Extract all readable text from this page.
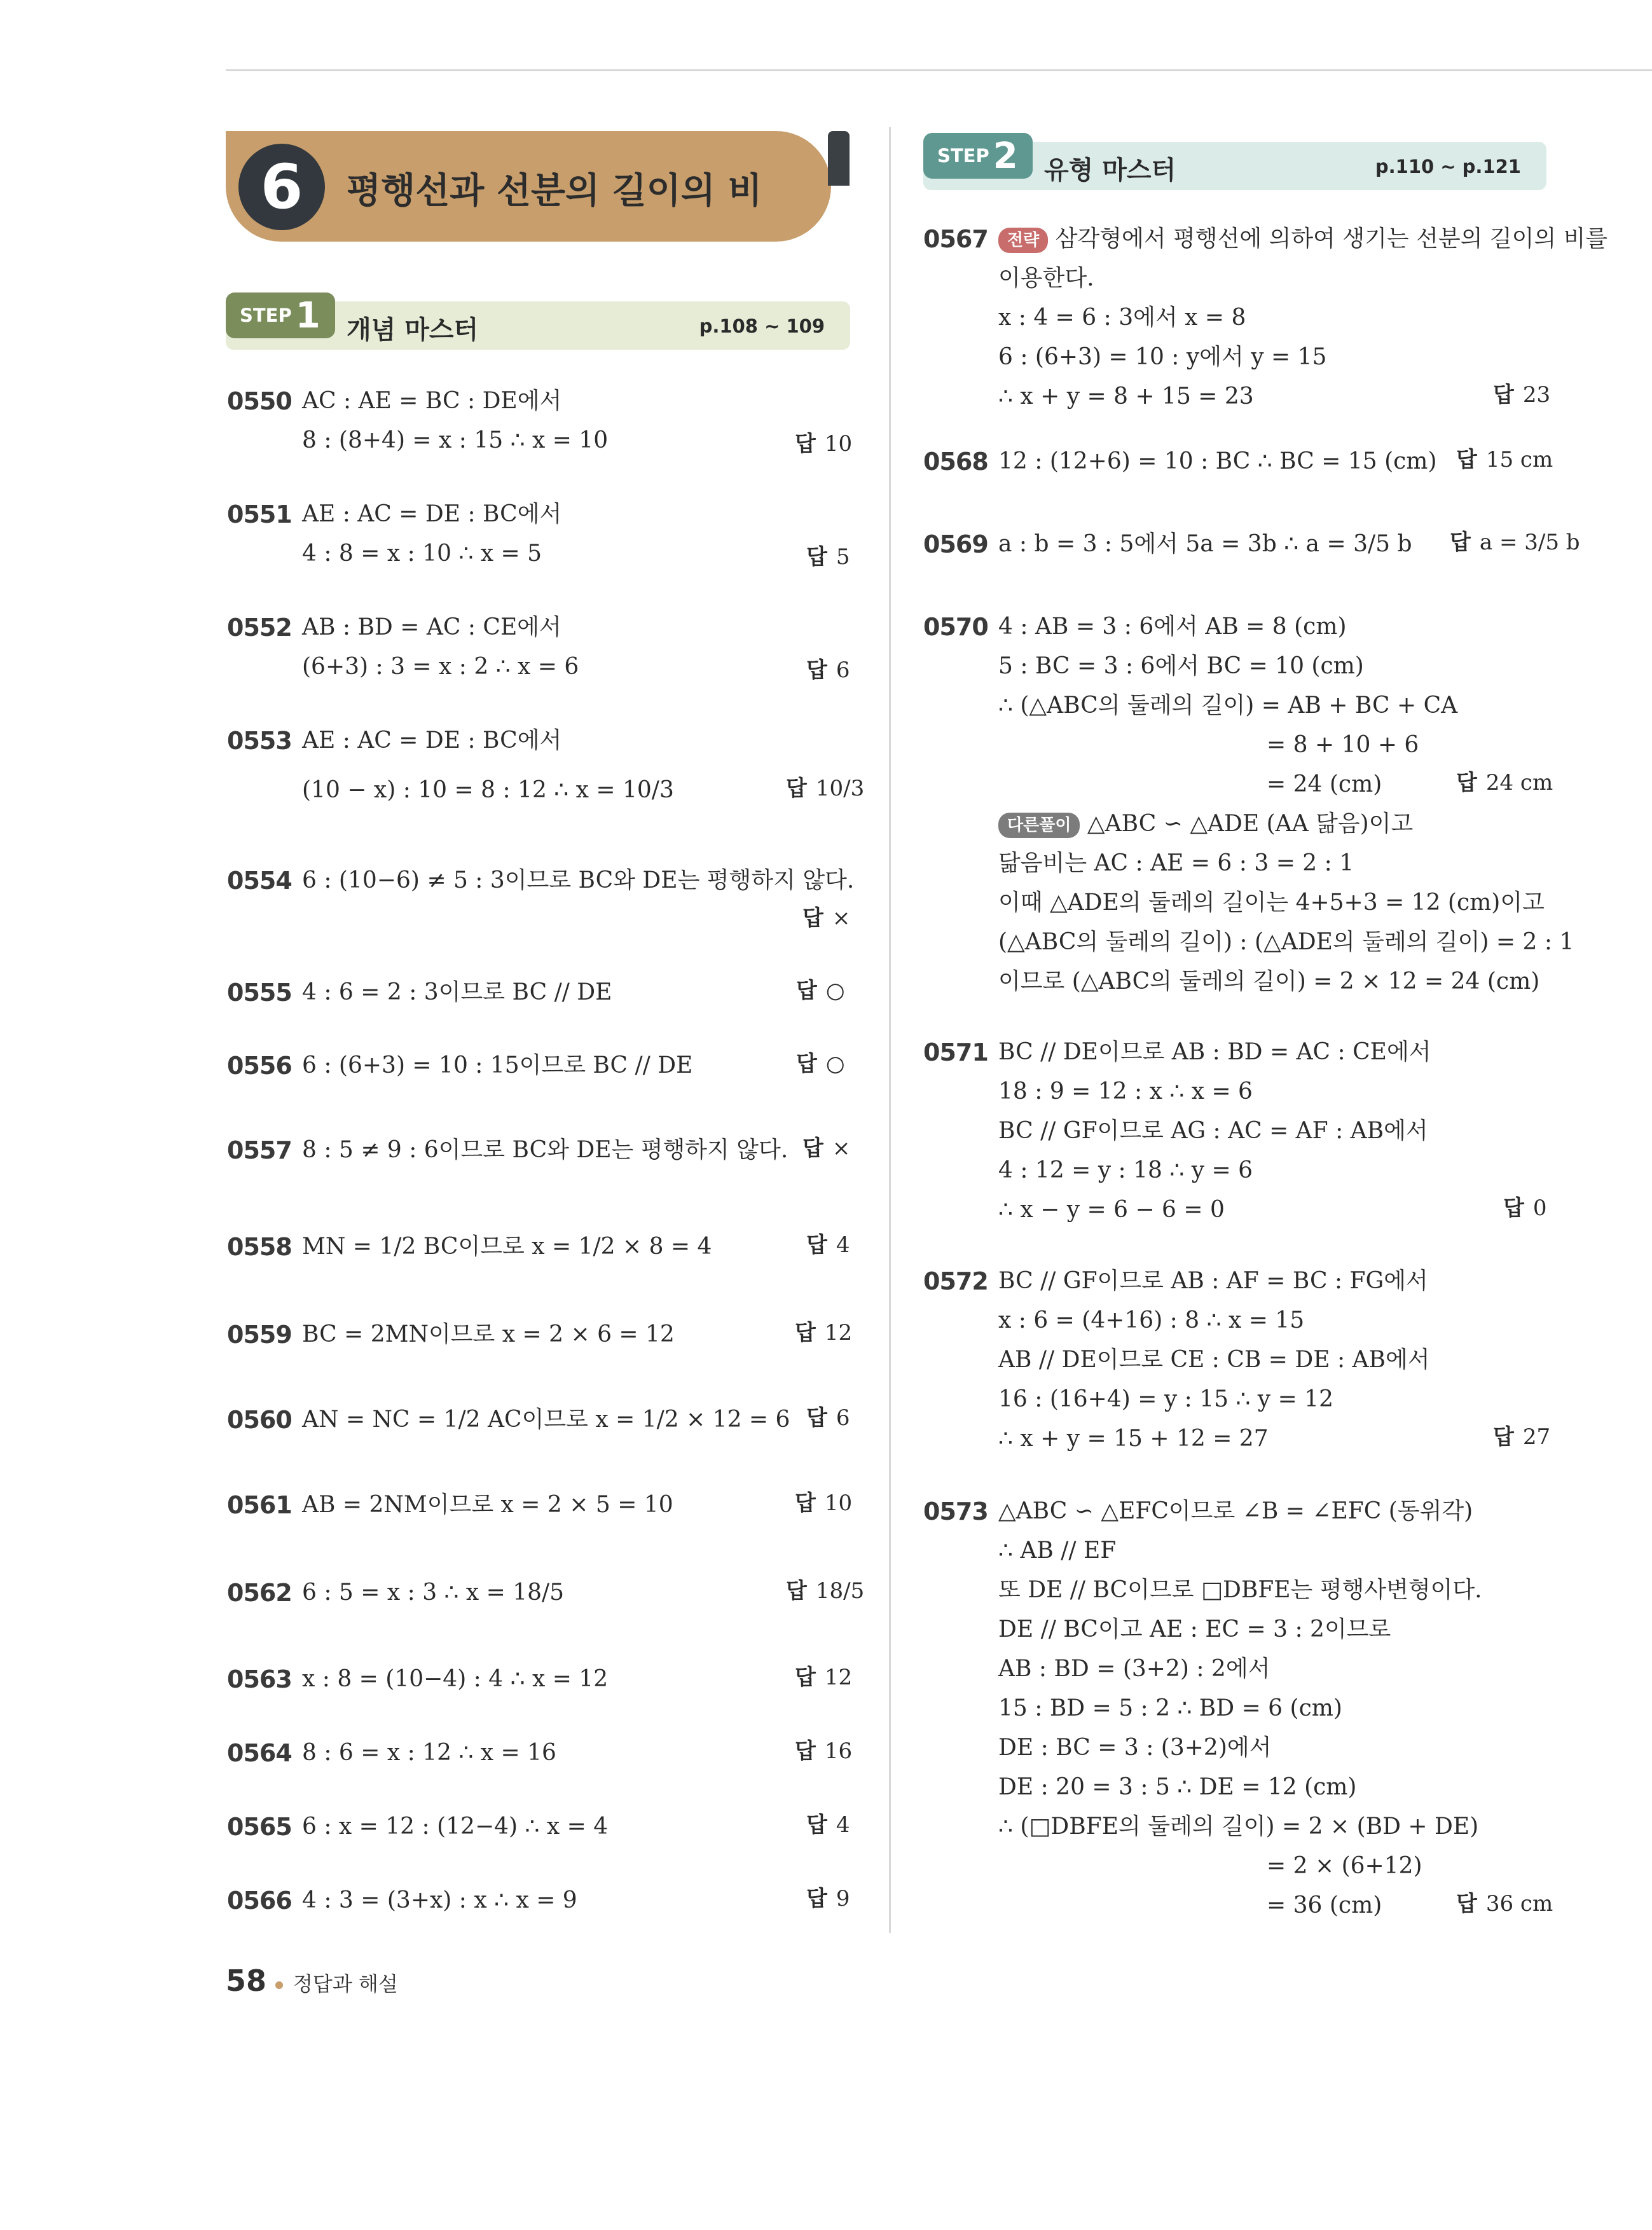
6	평행선과 선분의 길이의 비
STEP 1 개념 마스터	p.108 ~ 109
STEP 2 유형 마스터	p.110 ~ p.121
0550 AC : AE = BC : DE에서
8 : (8+4) = x : 15 ∴ x = 10	답 10
0551 AE : AC = DE : BC에서
4 : 8 = x : 10 ∴ x = 5	답 5
0552 AB : BD = AC : CE에서
(6+3) : 3 = x : 2 ∴ x = 6	답 6
0553 AE : AC = DE : BC에서
(10 − x) : 10 = 8 : 12 ∴ x = 10/3	답 10/3
0554 6 : (10−6) ≠ 5 : 3이므로 BC와 DE는 평행하지 않다.
답 ×
0555 4 : 6 = 2 : 3이므로 BC // DE	답 ○
0556 6 : (6+3) = 10 : 15이므로 BC // DE	답 ○
0557 8 : 5 ≠ 9 : 6이므로 BC와 DE는 평행하지 않다. 답 ×
0558 MN = 1/2 BC이므로 x = 1/2 × 8 = 4	답 4
0559 BC = 2MN이므로 x = 2 × 6 = 12	답 12
0560 AN = NC = 1/2 AC이므로 x = 1/2 × 12 = 6 답 6
0561 AB = 2NM이므로 x = 2 × 5 = 10	답 10
0562 6 : 5 = x : 3 ∴ x = 18/5	답 18/5
0563 x : 8 = (10−4) : 4 ∴ x = 12	답 12
0564 8 : 6 = x : 12 ∴ x = 16	답 16
0565 6 : x = 12 : (12−4) ∴ x = 4	답 4
0566 4 : 3 = (3+x) : x ∴ x = 9	답 9
0567	전략 삼각형에서 평행선에 의하여 생기는 선분의 길이의 비를
이용한다.
x : 4 = 6 : 3에서 x = 8
6 : (6+3) = 10 : y에서 y = 15
∴ x + y = 8 + 15 = 23	답 23
0568 12 : (12+6) = 10 : BC ∴ BC = 15 (cm) 답 15 cm
0569 a : b = 3 : 5에서 5a = 3b ∴ a = 3/5 b 답 a = 3/5 b
0570 4 : AB = 3 : 6에서 AB = 8 (cm)
5 : BC = 3 : 6에서 BC = 10 (cm)
∴ (△ABC의 둘레의 길이) = AB + BC + CA
= 8 + 10 + 6
= 24 (cm)
다른풀이 △ABC ∽ △ADE (AA 닮음)이고
닮음비는 AC : AE = 6 : 3 = 2 : 1
이때 △ADE의 둘레의 길이는 4+5+3 = 12 (cm)이고
(△ABC의 둘레의 길이) : (△ADE의 둘레의 길이) = 2 : 1
이므로 (△ABC의 둘레의 길이) = 2 × 12 = 24 (cm)
답 24 cm
0571 BC // DE이므로 AB : BD = AC : CE에서
18 : 9 = 12 : x ∴ x = 6
BC // GF이므로 AG : AC = AF : AB에서
4 : 12 = y : 18 ∴ y = 6
∴ x − y = 6 − 6 = 0	답 0
0572 BC // GF이므로 AB : AF = BC : FG에서
x : 6 = (4+16) : 8 ∴ x = 15
AB // DE이므로 CE : CB = DE : AB에서
16 : (16+4) = y : 15 ∴ y = 12
∴ x + y = 15 + 12 = 27	답 27
0573 △ABC ∽ △EFC이므로 ∠B = ∠EFC (동위각)
∴ AB // EF
또 DE // BC이므로 □DBFE는 평행사변형이다.
DE // BC이고 AE : EC = 3 : 2이므로
AB : BD = (3+2) : 2에서
15 : BD = 5 : 2 ∴ BD = 6 (cm)
DE : BC = 3 : (3+2)에서
DE : 20 = 3 : 5 ∴ DE = 12 (cm)
∴ (□DBFE의 둘레의 길이) = 2 × (BD + DE)
= 2 × (6+12)
= 36 (cm)	답 36 cm
58 정답과 해설
